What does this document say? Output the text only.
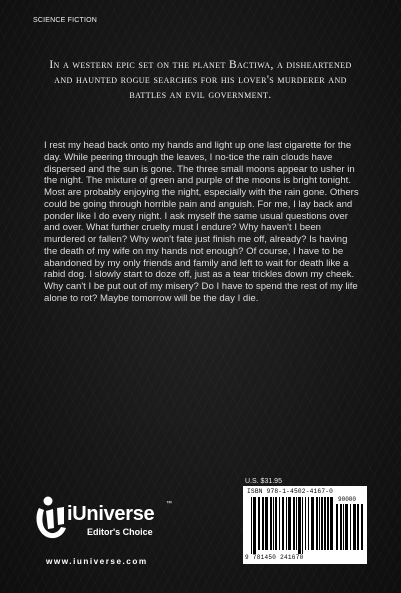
SCIENCE FICTION
In a western epic set on the planet Bactiwa, a disheartened and haunted rogue searches for his lover's murderer and battles an evil government.
I rest my head back onto my hands and light up one last cigarette for the day. While peering through the leaves, I no-tice the rain clouds have dispersed and the sun is gone. The three small moons appear to usher in the night. The mixture of green and purple of the moons is bright tonight. Most are probably enjoying the night, especially with the rain gone. Others could be going through horrible pain and anguish. For me, I lay back and ponder like I do every night. I ask myself the same usual questions over and over. What further cruelty must I endure? Why haven't I been murdered or fallen? Why won't fate just finish me off, already? Is having the death of my wife on my hands not enough? Of course, I have to be abandoned by my only friends and family and left to wait for death like a rabid dog. I slowly start to doze off, just as a tear trickles down my cheek. Why can't I be put out of my misery? Do I have to spend the rest of my life alone to rot? Maybe tomorrow will be the day I die.
U.S. $31.95
ISBN 978-1-4502-4167-0
90000
9 781450 241670
iUniverse ™
Editor's Choice
www.iuniverse.com
